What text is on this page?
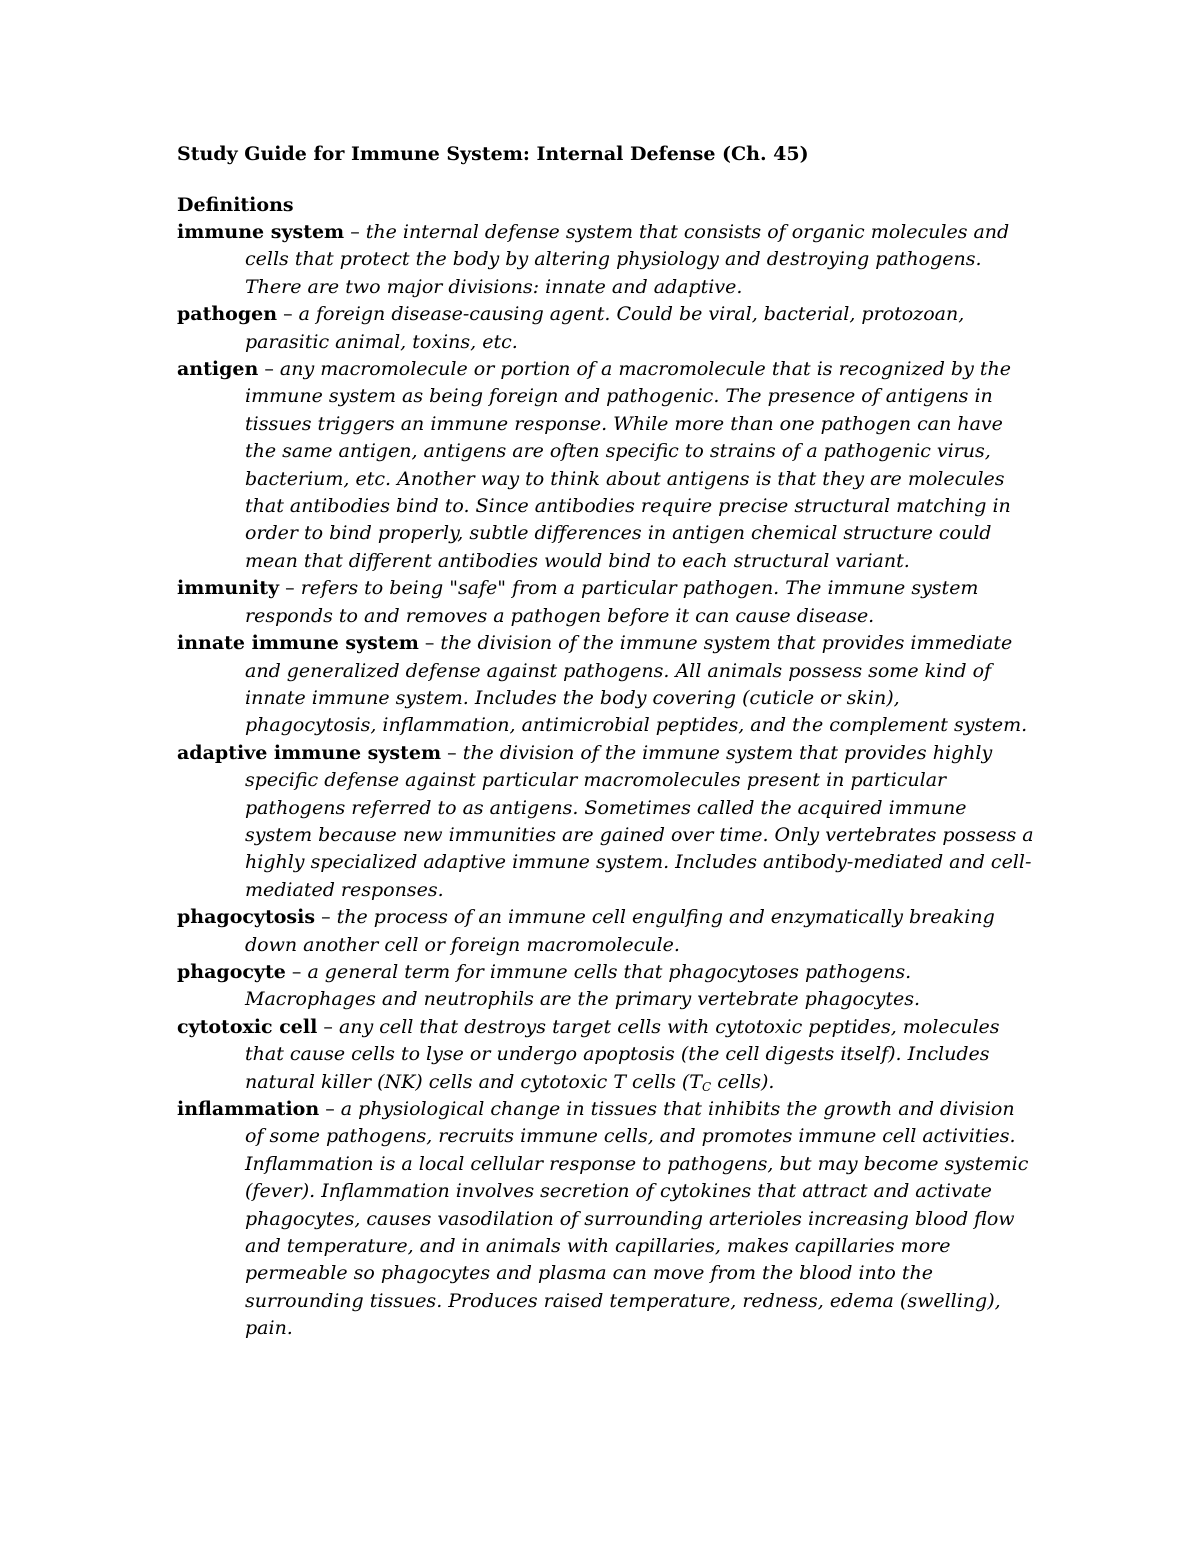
Study Guide for Immune System: Internal Defense (Ch. 45)

Definitions

immune system – the internal defense system that consists of organic molecules and cells that protect the body by altering physiology and destroying pathogens. There are two major divisions: innate and adaptive.

pathogen – a foreign disease-causing agent. Could be viral, bacterial, protozoan, parasitic animal, toxins, etc.

antigen – any macromolecule or portion of a macromolecule that is recognized by the immune system as being foreign and pathogenic. The presence of antigens in tissues triggers an immune response. While more than one pathogen can have the same antigen, antigens are often specific to strains of a pathogenic virus, bacterium, etc. Another way to think about antigens is that they are molecules that antibodies bind to. Since antibodies require precise structural matching in order to bind properly, subtle differences in antigen chemical structure could mean that different antibodies would bind to each structural variant.

immunity – refers to being "safe" from a particular pathogen. The immune system responds to and removes a pathogen before it can cause disease.

innate immune system – the division of the immune system that provides immediate and generalized defense against pathogens. All animals possess some kind of innate immune system. Includes the body covering (cuticle or skin), phagocytosis, inflammation, antimicrobial peptides, and the complement system.

adaptive immune system – the division of the immune system that provides highly specific defense against particular macromolecules present in particular pathogens referred to as antigens. Sometimes called the acquired immune system because new immunities are gained over time. Only vertebrates possess a highly specialized adaptive immune system. Includes antibody-mediated and cell-mediated responses.

phagocytosis – the process of an immune cell engulfing and enzymatically breaking down another cell or foreign macromolecule.

phagocyte – a general term for immune cells that phagocytoses pathogens. Macrophages and neutrophils are the primary vertebrate phagocytes.

cytotoxic cell – any cell that destroys target cells with cytotoxic peptides, molecules that cause cells to lyse or undergo apoptosis (the cell digests itself). Includes natural killer (NK) cells and cytotoxic T cells ($T_C$ cells).

inflammation – a physiological change in tissues that inhibits the growth and division of some pathogens, recruits immune cells, and promotes immune cell activities. Inflammation is a local cellular response to pathogens, but may become systemic (fever). Inflammation involves secretion of cytokines that attract and activate phagocytes, causes vasodilation of surrounding arterioles increasing blood flow and temperature, and in animals with capillaries, makes capillaries more permeable so phagocytes and plasma can move from the blood into the surrounding tissues. Produces raised temperature, redness, edema (swelling), pain.
